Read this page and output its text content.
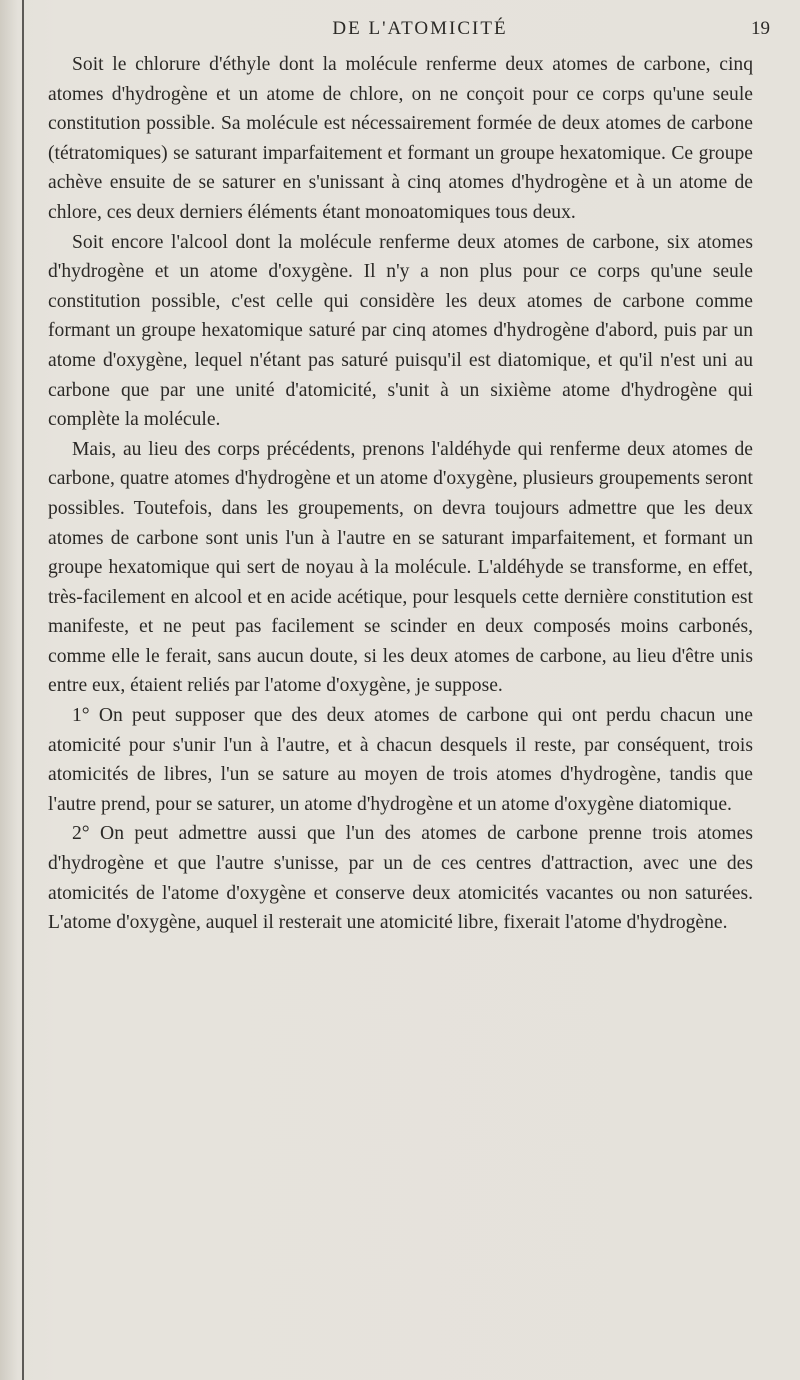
DE L'ATOMICITÉ	19

Soit le chlorure d'éthyle dont la molécule renferme deux atomes de carbone, cinq atomes d'hydrogène et un atome de chlore, on ne conçoit pour ce corps qu'une seule constitution possible. Sa molécule est nécessairement formée de deux atomes de carbone (tétratomiques) se saturant imparfaitement et formant un groupe hexatomique. Ce groupe achève ensuite de se saturer en s'unissant à cinq atomes d'hydrogène et à un atome de chlore, ces deux derniers éléments étant monoatomiques tous deux.

Soit encore l'alcool dont la molécule renferme deux atomes de carbone, six atomes d'hydrogène et un atome d'oxygène. Il n'y a non plus pour ce corps qu'une seule constitution possible, c'est celle qui considère les deux atomes de carbone comme formant un groupe hexatomique saturé par cinq atomes d'hydrogène d'abord, puis par un atome d'oxygène, lequel n'étant pas saturé puisqu'il est diatomique, et qu'il n'est uni au carbone que par une unité d'atomicité, s'unit à un sixième atome d'hydrogène qui complète la molécule.

Mais, au lieu des corps précédents, prenons l'aldéhyde qui renferme deux atomes de carbone, quatre atomes d'hydrogène et un atome d'oxygène, plusieurs groupements seront possibles. Toutefois, dans les groupements, on devra toujours admettre que les deux atomes de carbone sont unis l'un à l'autre en se saturant imparfaitement, et formant un groupe hexatomique qui sert de noyau à la molécule. L'aldéhyde se transforme, en effet, très-facilement en alcool et en acide acétique, pour lesquels cette dernière constitution est manifeste, et ne peut pas facilement se scinder en deux composés moins carbonés, comme elle le ferait, sans aucun doute, si les deux atomes de carbone, au lieu d'être unis entre eux, étaient reliés par l'atome d'oxygène, je suppose.

1° On peut supposer que des deux atomes de carbone qui ont perdu chacun une atomicité pour s'unir l'un à l'autre, et à chacun desquels il reste, par conséquent, trois atomicités de libres, l'un se sature au moyen de trois atomes d'hydrogène, tandis que l'autre prend, pour se saturer, un atome d'hydrogène et un atome d'oxygène diatomique.

2° On peut admettre aussi que l'un des atomes de carbone prenne trois atomes d'hydrogène et que l'autre s'unisse, par un de ces centres d'attraction, avec une des atomicités de l'atome d'oxygène et conserve deux atomicités vacantes ou non saturées. L'atome d'oxygène, auquel il resterait une atomicité libre, fixerait l'atome d'hydrogène.
